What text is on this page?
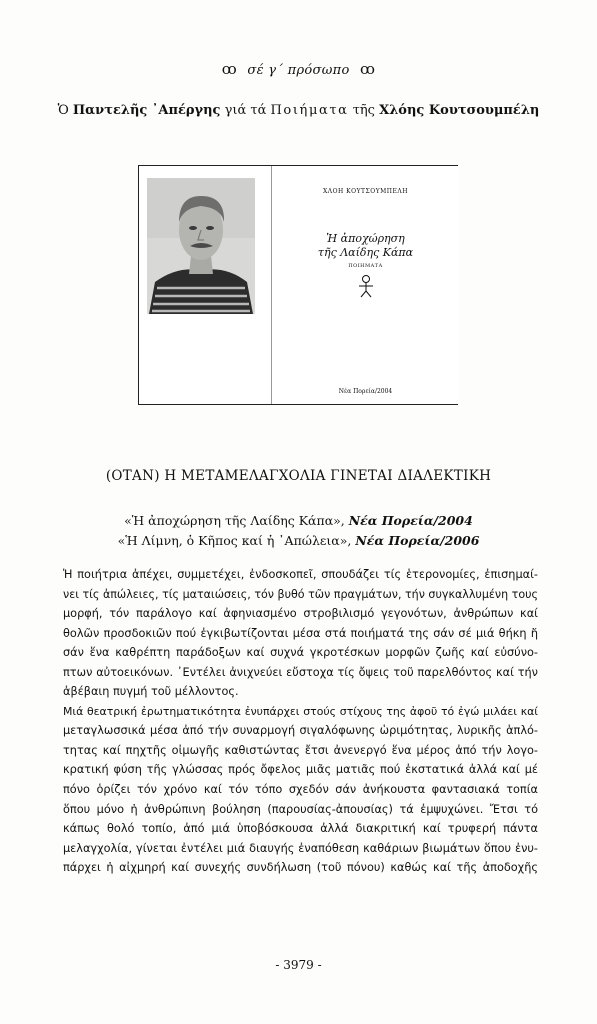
ꝏ σέ γ΄ πρόσωπο ꝏ
Ὁ Παντελῆς ᾿Απέργης γιά τά Ποιήματα τῆς Χλόης Κουτσουμπέλη
ΧΛΟΗ ΚΟΥΤΣΟΥΜΠΕΛΗ
Ἡ ἀποχώρηση
τῆς Λαίδης Κάπα
ΠΟΙΗΜΑΤΑ
Νέα Πορεία/2004
(ΟΤΑΝ) Η ΜΕΤΑΜΕΛΑΓΧΟΛΙΑ ΓΙΝΕΤΑΙ ΔΙΑΛΕΚΤΙΚΗ
«Ἡ ἀποχώρηση τῆς Λαίδης Κάπα», Νέα Πορεία/2004
«Ἡ Λίμνη, ὁ Κῆπος καί ἡ ᾿Απώλεια», Νέα Πορεία/2006
Ἡ ποιήτρια ἀπέχει, συμμετέχει, ἐνδοσκοπεῖ, σπουδάζει τίς ἑτερονομίες, ἐπισημαί-
νει τίς ἀπώλειες, τίς ματαιώσεις, τόν βυθό τῶν πραγμάτων, τήν συγκαλλυμένη τους
μορφή, τόν παράλογο καί ἀφηνιασμένο στροβιλισμό γεγονότων, ἀνθρώπων καί
θολῶν προσδοκιῶν πού ἐγκιβωτίζονται μέσα στά ποιήματά της σάν σέ μιά θήκη ἤ
σάν ἕνα καθρέπτη παράδοξων καί συχνά γκροτέσκων μορφῶν ζωῆς καί εὐσύνο-
πτων αὐτοεικόνων. ᾿Εντέλει ἀνιχνεύει εὔστοχα τίς ὄψεις τοῦ παρελθόντος καί τήν
ἀβέβαιη πυγμή τοῦ μέλλοντος.
Μιά θεατρική ἐρωτηματικότητα ἐνυπάρχει στούς στίχους της ἀφοῦ τό ἐγώ μιλάει καί
μεταγλωσσικά μέσα ἀπό τήν συναρμογή σιγαλόφωνης ὡριμότητας, λυρικῆς ἁπλό-
τητας καί πηχτῆς οἰμωγῆς καθιστώντας ἔτσι ἀνενεργό ἕνα μέρος ἀπό τήν λογο-
κρατική φύση τῆς γλώσσας πρός ὄφελος μιᾶς ματιᾶς πού ἐκστατικά ἀλλά καί μέ
πόνο ὁρίζει τόν χρόνο καί τόν τόπο σχεδόν σάν ἀνήκουστα φαντασιακά τοπία
ὅπου μόνο ἡ ἀνθρώπινη βούληση (παρουσίας-ἀπουσίας) τά ἐμψυχώνει. Ἔτσι τό
κάπως θολό τοπίο, ἀπό μιά ὑποβόσκουσα ἀλλά διακριτική καί τρυφερή πάντα
μελαγχολία, γίνεται ἐντέλει μιά διαυγής ἐναπόθεση καθάριων βιωμάτων ὅπου ἐνυ-
πάρχει ἡ αἰχμηρή καί συνεχής συνδήλωση (τοῦ πόνου) καθώς καί τῆς ἀποδοχῆς
- 3979 -
